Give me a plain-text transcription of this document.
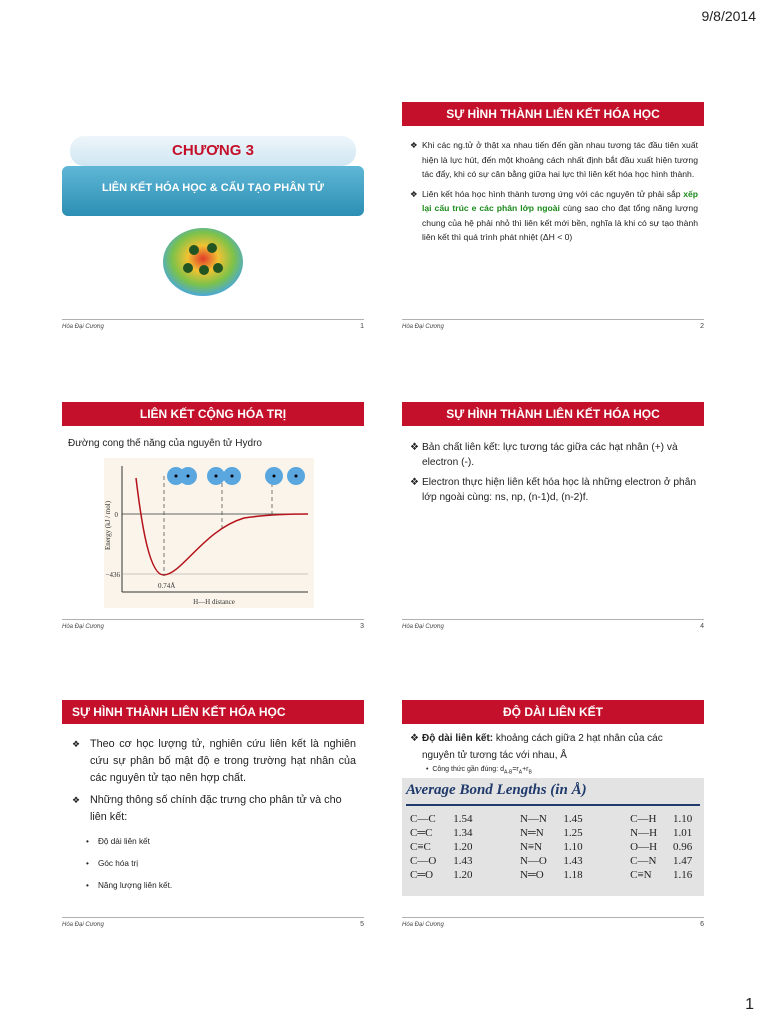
9/8/2014
CHƯƠNG 3
LIÊN KẾT HÓA HỌC & CẤU TẠO PHÂN TỬ
Hóa Đại Cương	1
SỰ HÌNH THÀNH LIÊN KẾT HÓA HỌC

❖ Khi các ng.tử ở thật xa nhau tiến đến gần nhau tương tác đầu tiên xuất hiện là lực hút, đến một khoảng cách nhất định bắt đầu xuất hiện tương tác đẩy, khi có sự cân bằng giữa hai lực thì liên kết hóa học hình thành.

❖ Liên kết hóa học hình thành tương ứng với các nguyên tử phải sắp xếp lại cấu trúc e các phân lớp ngoài cùng sao cho đạt tổng năng lượng chung của hệ phải nhỏ thì liên kết mới bền, nghĩa là khi có sự tạo thành liên kết thì quá trình phát nhiệt (ΔH < 0)

Hóa Đại Cương	2
LIÊN KẾT CỘNG HÓA TRỊ
Đường cong thế năng của nguyên tử Hydro
Energy (kJ / mol) 0
−436
0.74Å
H—H distance
Hóa Đại Cương	3
SỰ HÌNH THÀNH LIÊN KẾT HÓA HỌC

❖ Bản chất liên kết: lực tương tác giữa các hạt nhân (+) và electron (-).

❖ Electron thực hiện liên kết hóa học là những electron ở phân lớp ngoài cùng: ns, np, (n-1)d, (n-2)f.

Hóa Đại Cương	4
SỰ HÌNH THÀNH LIÊN KẾT HÓA HỌC

❖ Theo cơ học lượng tử, nghiên cứu liên kết là nghiên cứu sự phân bố mật độ e trong trường hạt nhân của các nguyên tử tạo nên hợp chất.

❖ Những thông số chính đặc trưng cho phân tử và cho liên kết:

• Độ dài liên kết
• Góc hóa trị
• Năng lượng liên kết.
Hóa Đại Cương	5
ĐỘ DÀI LIÊN KẾT

❖ Độ dài liên kết: khoảng cách giữa 2 hạt nhân của các nguyên tử tương tác với nhau, Å

•  Công thức gần đúng: $d_{A-B}=r_A+r_B$
Average Bond Lengths (in Å)
C—C	1.54	N—N	1.45	C—H	1.10
C═C	1.34	N═N	1.25	N—H	1.01
C≡C	1.20	N≡N	1.10	O—H	0.96
C—O	1.43	N—O	1.43	C—N	1.47
C═O	1.20	N═O	1.18	C≡N	1.16
Hóa Đại Cương	6
1
